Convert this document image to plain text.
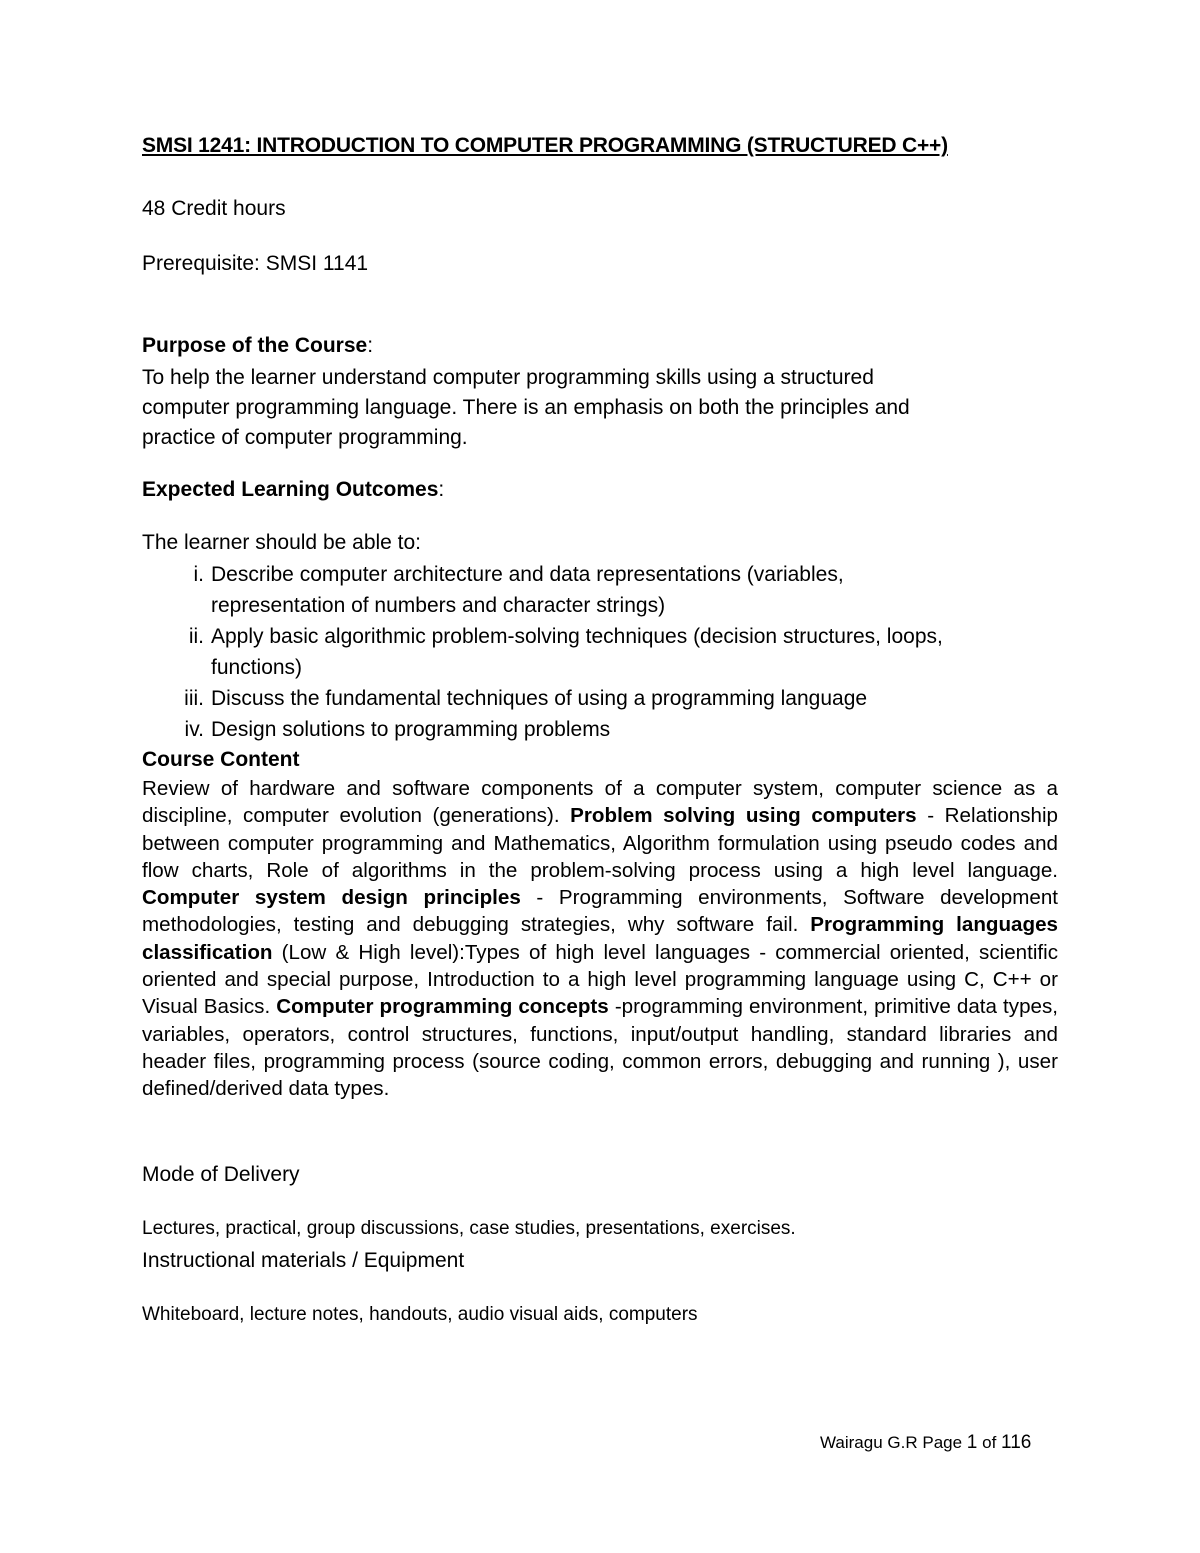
SMSI 1241: INTRODUCTION TO COMPUTER PROGRAMMING (STRUCTURED C++)
48 Credit hours
Prerequisite: SMSI 1141
Purpose of the Course:
To help the learner understand computer programming skills using a structured
computer programming language. There is an emphasis on both the principles and
practice of computer programming.
Expected Learning Outcomes:
The learner should be able to:
i. Describe computer architecture and data representations (variables,
representation of numbers and character strings)
ii. Apply basic algorithmic problem-solving techniques (decision structures, loops,
functions)
iii. Discuss the fundamental techniques of using a programming language
iv. Design solutions to programming problems
Course Content
Review of hardware and software components of a computer system, computer science as a discipline, computer evolution (generations). Problem solving using computers - Relationship between computer programming and Mathematics, Algorithm formulation using pseudo codes and flow charts, Role of algorithms in the problem-solving process using a high level language. Computer system design principles - Programming environments, Software development methodologies, testing and debugging strategies, why software fail. Programming languages classification (Low & High level):Types of high level languages - commercial oriented, scientific oriented and special purpose, Introduction to a high level programming language using C, C++ or Visual Basics. Computer programming concepts -programming environment, primitive data types, variables, operators, control structures, functions, input/output handling, standard libraries and header files, programming process (source coding, common errors, debugging and running ), user defined/derived data types.
Mode of Delivery
Lectures, practical, group discussions, case studies, presentations, exercises.
Instructional materials / Equipment
Whiteboard, lecture notes, handouts, audio visual aids, computers
Wairagu G.R Page 1 of 116
